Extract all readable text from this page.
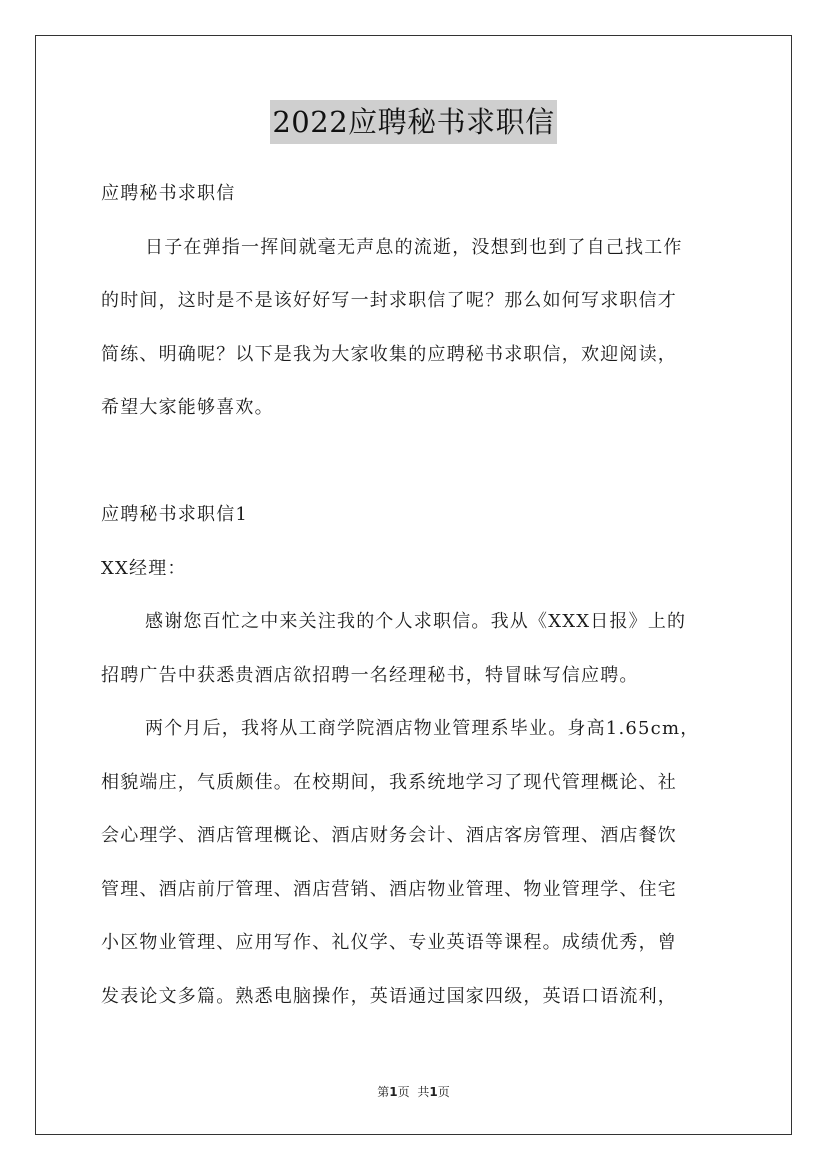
2022应聘秘书求职信
应聘秘书求职信
日子在弹指一挥间就毫无声息的流逝，没想到也到了自己找工作
的时间，这时是不是该好好写一封求职信了呢？那么如何写求职信才
简练、明确呢？以下是我为大家收集的应聘秘书求职信，欢迎阅读，
希望大家能够喜欢。
应聘秘书求职信1
XX经理：
感谢您百忙之中来关注我的个人求职信。我从《XXX日报》上的
招聘广告中获悉贵酒店欲招聘一名经理秘书，特冒昧写信应聘。
两个月后，我将从工商学院酒店物业管理系毕业。身高1.65cm，
相貌端庄，气质颇佳。在校期间，我系统地学习了现代管理概论、社
会心理学、酒店管理概论、酒店财务会计、酒店客房管理、酒店餐饮
管理、酒店前厅管理、酒店营销、酒店物业管理、物业管理学、住宅
小区物业管理、应用写作、礼仪学、专业英语等课程。成绩优秀，曾
发表论文多篇。熟悉电脑操作，英语通过国家四级，英语口语流利，
第1页 共1页
